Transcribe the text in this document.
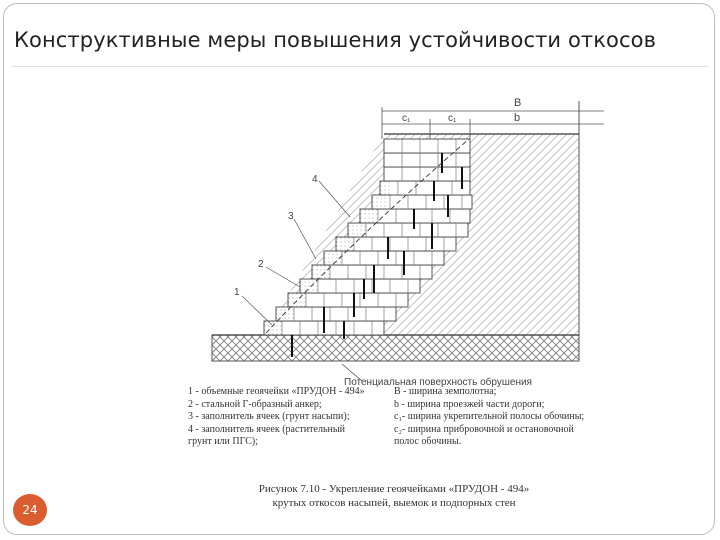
Конструктивные меры повышения устойчивости откосов
Потенциальная поверхность обрушения
B
b
c₁	c₁
1
2
3
4
1 - объемные геоячейки «ПРУДОН - 494»
2 - стальной Г-образный анкер;
3 - заполнитель ячеек (грунт насыпи);
4 - заполнитель ячеек (растительный
грунт или ПГС);
B - ширина земполотна;
b - ширина проезжей части дороги;
c₁- ширина укрепительной полосы обочины;
c₂- ширина прибровочной и остановочной
полос обочины.
Рисунок 7.10 - Укрепление геоячейками «ПРУДОН - 494»
крутых откосов насыпей, выемок и подпорных стен
24
